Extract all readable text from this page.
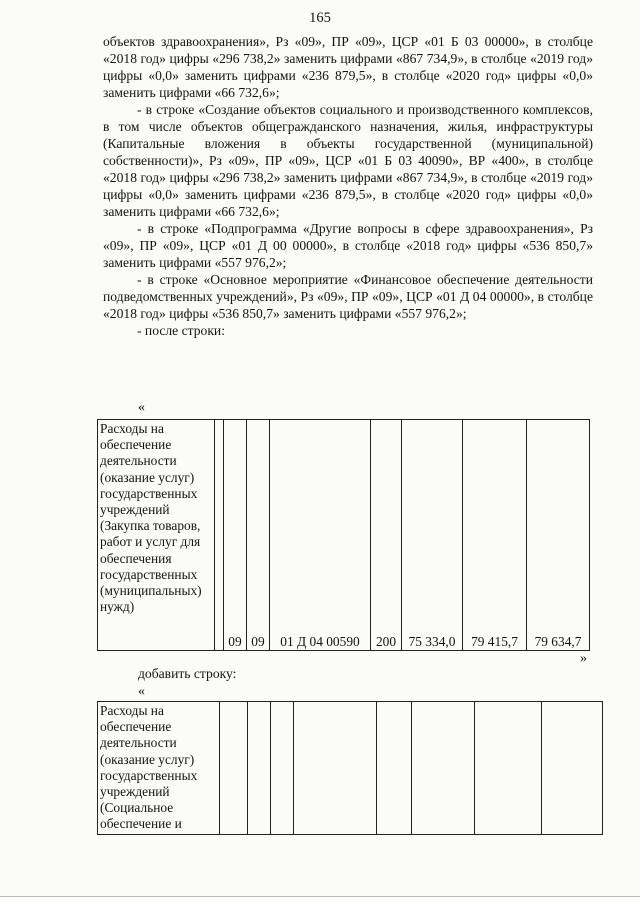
165

объектов здравоохранения», Рз «09», ПР «09», ЦСР «01 Б 03 00000», в столбце «2018 год» цифры «296 738,2» заменить цифрами «867 734,9», в столбце «2019 год» цифры «0,0» заменить цифрами «236 879,5», в столбце «2020 год» цифры «0,0» заменить цифрами «66 732,6»;

- в строке «Создание объектов социального и производственного комплексов, в том числе объектов общегражданского назначения, жилья, инфраструктуры (Капитальные вложения в объекты государственной (муниципальной) собственности)», Рз «09», ПР «09», ЦСР «01 Б 03 40090», ВР «400», в столбце «2018 год» цифры «296 738,2» заменить цифрами «867 734,9», в столбце «2019 год» цифры «0,0» заменить цифрами «236 879,5», в столбце «2020 год» цифры «0,0» заменить цифрами «66 732,6»;

- в строке «Подпрограмма «Другие вопросы в сфере здравоохранения», Рз «09», ПР «09», ЦСР «01 Д 00 00000», в столбце «2018 год» цифры «536 850,7» заменить цифрами «557 976,2»;

- в строке «Основное мероприятие «Финансовое обеспечение деятельности подведомственных учреждений», Рз «09», ПР «09», ЦСР «01 Д 04 00000», в столбце «2018 год» цифры «536 850,7» заменить цифрами «557 976,2»;

- после строки:

«
Расходы на обеспечение деятельности (оказание услуг) государственных учреждений (Закупка товаров, работ и услуг для обеспечения государственных (муниципальных) нужд)		09	09	01 Д 04 00590	200	75 334,0	79 415,7	79 634,7
»
добавить строку:
«
Расходы на обеспечение деятельности (оказание услуг) государственных учреждений (Социальное обеспечение и								
